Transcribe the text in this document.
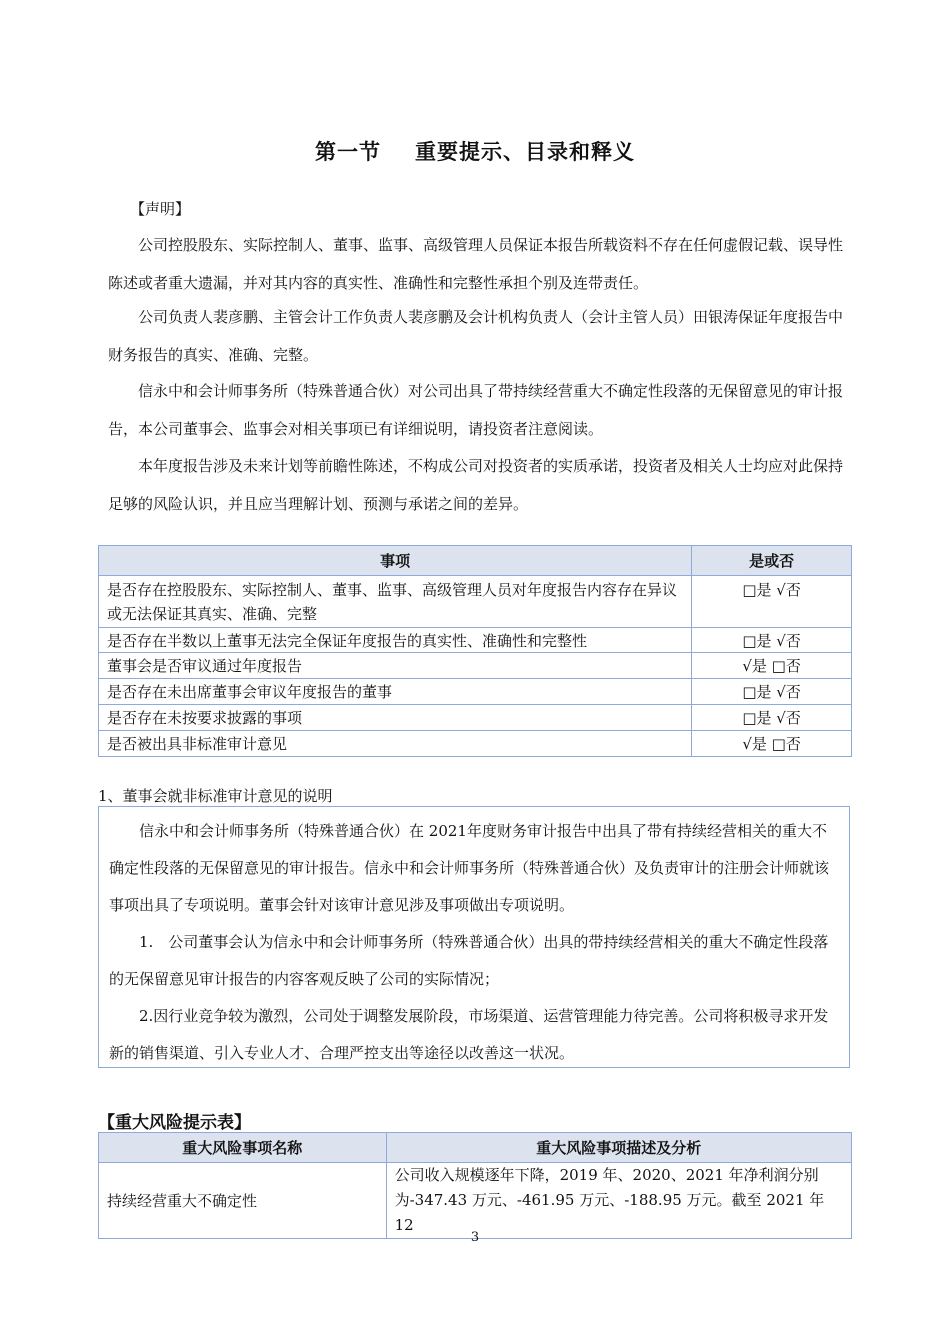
第一节 重要提示、目录和释义

【声明】

公司控股股东、实际控制人、董事、监事、高级管理人员保证本报告所载资料不存在任何虚假记载、误导性陈述或者重大遗漏，并对其内容的真实性、准确性和完整性承担个别及连带责任。

公司负责人裴彦鹏、主管会计工作负责人裴彦鹏及会计机构负责人（会计主管人员）田银涛保证年度报告中财务报告的真实、准确、完整。

信永中和会计师事务所（特殊普通合伙）对公司出具了带持续经营重大不确定性段落的无保留意见的审计报告，本公司董事会、监事会对相关事项已有详细说明，请投资者注意阅读。

本年度报告涉及未来计划等前瞻性陈述，不构成公司对投资者的实质承诺，投资者及相关人士均应对此保持足够的风险认识，并且应当理解计划、预测与承诺之间的差异。

事项	是或否
是否存在控股股东、实际控制人、董事、监事、高级管理人员对年度报告内容存在异议或无法保证其真实、准确、完整	□是 √否
是否存在半数以上董事无法完全保证年度报告的真实性、准确性和完整性	□是 √否
董事会是否审议通过年度报告	√是 □否
是否存在未出席董事会审议年度报告的董事	□是 √否
是否存在未按要求披露的事项	□是 √否
是否被出具非标准审计意见	√是 □否
1、董事会就非标准审计意见的说明

信永中和会计师事务所（特殊普通合伙）在 2021年度财务审计报告中出具了带有持续经营相关的重大不确定性段落的无保留意见的审计报告。信永中和会计师事务所（特殊普通合伙）及负责审计的注册会计师就该事项出具了专项说明。董事会针对该审计意见涉及事项做出专项说明。

1.　公司董事会认为信永中和会计师事务所（特殊普通合伙）出具的带持续经营相关的重大不确定性段落的无保留意见审计报告的内容客观反映了公司的实际情况；

2.因行业竞争较为激烈，公司处于调整发展阶段，市场渠道、运营管理能力待完善。公司将积极寻求开发新的销售渠道、引入专业人才、合理严控支出等途径以改善这一状况。

【重大风险提示表】
重大风险事项名称	重大风险事项描述及分析
持续经营重大不确定性	公司收入规模逐年下降，2019 年、2020、2021 年净利润分别为-347.43 万元、-461.95 万元、-188.95 万元。截至 2021 年 12
3
